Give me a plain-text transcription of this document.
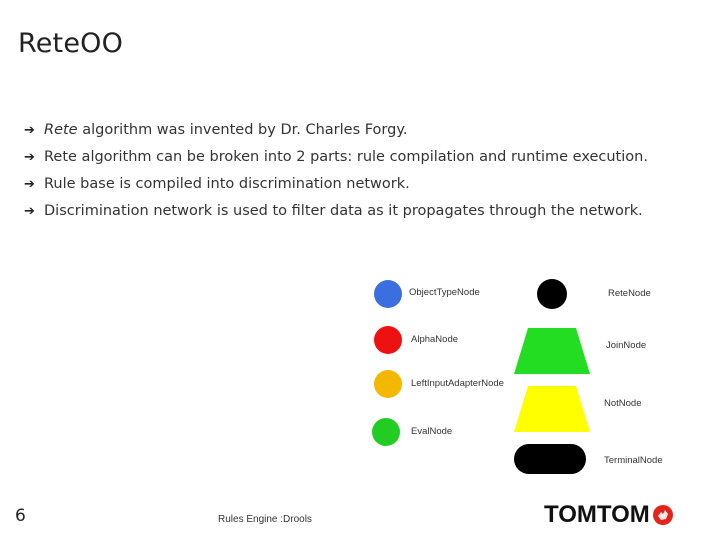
ReteOO
➔ Rete algorithm was invented by Dr. Charles Forgy.
➔ Rete algorithm can be broken into 2 parts: rule compilation and runtime execution.
➔ Rule base is compiled into discrimination network.
➔ Discrimination network is used to filter data as it propagates through the network.
ObjectTypeNode
AlphaNode
LeftInputAdapterNode
EvalNode
ReteNode
JoinNode
NotNode
TerminalNode
6	Rules Engine :Drools	TOMTOM
